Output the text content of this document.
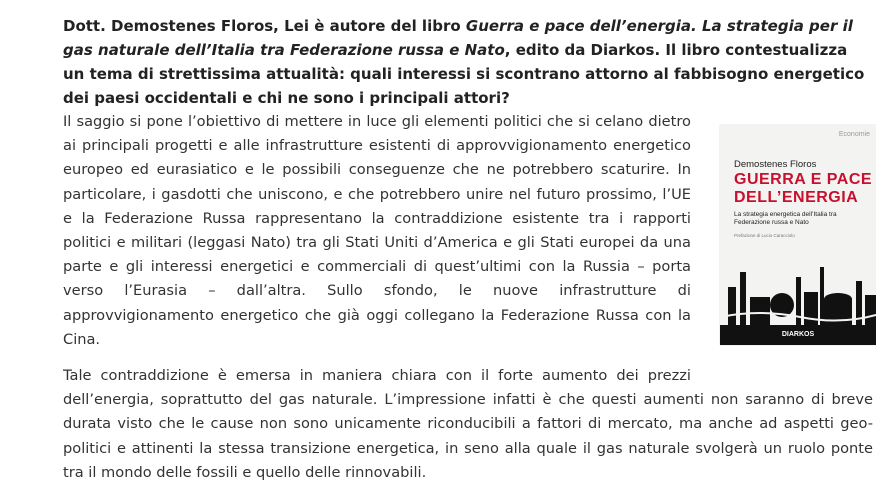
Dott. Demostenes Floros, Lei è autore del libro Guerra e pace dell’energia. La strategia per il gas naturale dell’Italia tra Federazione russa e Nato, edito da Diarkos. Il libro contestualizza un tema di strettissima attualità: quali interessi si scontrano attorno al fabbisogno energetico dei paesi occidentali e chi ne sono i principali attori?

Il saggio si pone l’obiettivo di mettere in luce gli elementi politici che si celano dietro ai principali progetti e alle infrastrutture esistenti di approvvigionamento energetico europeo ed eurasiatico e le possibili conseguenze che ne potrebbero scaturire. In particolare, i gasdotti che uniscono, e che potrebbero unire nel futuro prossimo, l’UE e la Federazione Russa rappresentano la contraddizione esistente tra i rapporti politici e militari (leggasi Nato) tra gli Stati Uniti d’America e gli Stati europei da una parte e gli interessi energetici e commerciali di quest’ultimi con la Russia – porta verso l’Eurasia – dall’altra. Sullo sfondo, le nuove infrastrutture di approvvigionamento energetico che già oggi collegano la Federazione Russa con la Cina.

Tale contraddizione è emersa in maniera chiara con il forte aumento dei prezzi

dell’energia, soprattutto del gas naturale. L’impressione infatti è che questi aumenti non saranno di breve durata visto che le cause non sono unicamente riconducibili a fattori di mercato, ma anche ad aspetti geo-politici e attinenti la stessa transizione energetica, in seno alla quale il gas naturale svolgerà un ruolo ponte tra il mondo delle fossili e quello delle rinnovabili.

Economie
Demostenes Floros
GUERRA E PACE
DELL’ENERGIA
La strategia energetica dell’Italia tra Federazione russa e Nato
Prefazione di Lucio Caracciolo
DIARKOS
